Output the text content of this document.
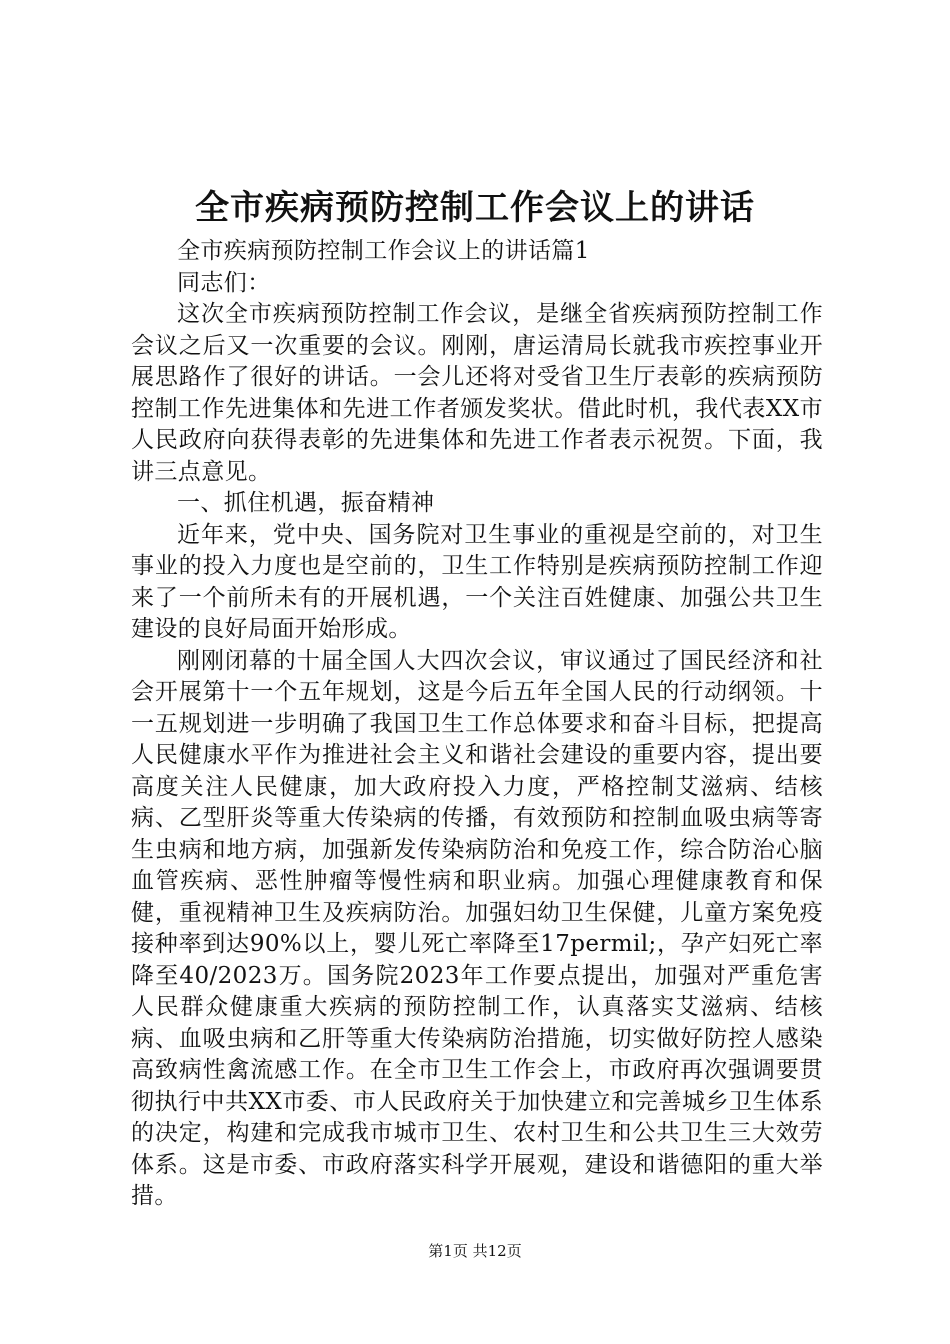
全市疾病预防控制工作会议上的讲话

全市疾病预防控制工作会议上的讲话篇1

同志们：

这次全市疾病预防控制工作会议，是继全省疾病预防控制工作会议之后又一次重要的会议。刚刚，唐运清局长就我市疾控事业开展思路作了很好的讲话。一会儿还将对受省卫生厅表彰的疾病预防控制工作先进集体和先进工作者颁发奖状。借此时机，我代表XX市人民政府向获得表彰的先进集体和先进工作者表示祝贺。下面，我讲三点意见。

一、抓住机遇，振奋精神

近年来，党中央、国务院对卫生事业的重视是空前的，对卫生事业的投入力度也是空前的，卫生工作特别是疾病预防控制工作迎来了一个前所未有的开展机遇，一个关注百姓健康、加强公共卫生建设的良好局面开始形成。

刚刚闭幕的十届全国人大四次会议，审议通过了国民经济和社会开展第十一个五年规划，这是今后五年全国人民的行动纲领。十一五规划进一步明确了我国卫生工作总体要求和奋斗目标，把提高人民健康水平作为推进社会主义和谐社会建设的重要内容，提出要高度关注人民健康，加大政府投入力度，严格控制艾滋病、结核病、乙型肝炎等重大传染病的传播，有效预防和控制血吸虫病等寄生虫病和地方病，加强新发传染病防治和免疫工作，综合防治心脑血管疾病、恶性肿瘤等慢性病和职业病。加强心理健康教育和保健，重视精神卫生及疾病防治。加强妇幼卫生保健，儿童方案免疫接种率到达90%以上，婴儿死亡率降至17permil;，孕产妇死亡率降至40/2023万。国务院2023年工作要点提出，加强对严重危害人民群众健康重大疾病的预防控制工作，认真落实艾滋病、结核病、血吸虫病和乙肝等重大传染病防治措施，切实做好防控人感染高致病性禽流感工作。在全市卫生工作会上，市政府再次强调要贯彻执行中共XX市委、市人民政府关于加快建立和完善城乡卫生体系的决定，构建和完成我市城市卫生、农村卫生和公共卫生三大效劳体系。这是市委、市政府落实科学开展观，建设和谐德阳的重大举措。

第1页 共12页
